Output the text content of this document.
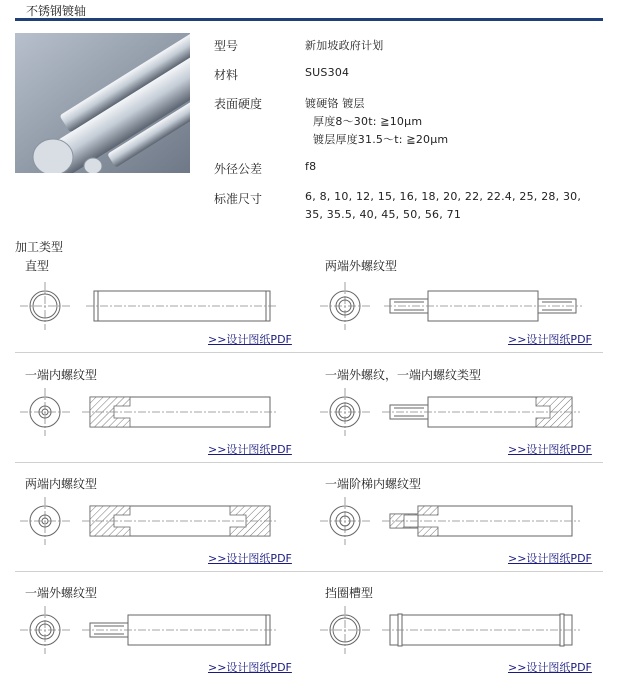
不锈钢镀轴
型号	新加坡政府计划
材料	SUS304
表面硬度	镀硬铬 镀层
厚度8～30t: ≧10μm
镀层厚度31.5～t: ≧20μm
外径公差	f8
标准尺寸	6, 8, 10, 12, 15, 16, 18, 20, 22, 22.4, 25, 28, 30,
35, 35.5, 40, 45, 50, 56, 71
加工类型
直型
>>设计图纸PDF
两端外螺纹型
>>设计图纸PDF
一端内螺纹型
>>设计图纸PDF
一端外螺纹，一端内螺纹类型
>>设计图纸PDF
两端内螺纹型
>>设计图纸PDF
一端阶梯内螺纹型
>>设计图纸PDF
一端外螺纹型
>>设计图纸PDF
挡圈槽型
>>设计图纸PDF
